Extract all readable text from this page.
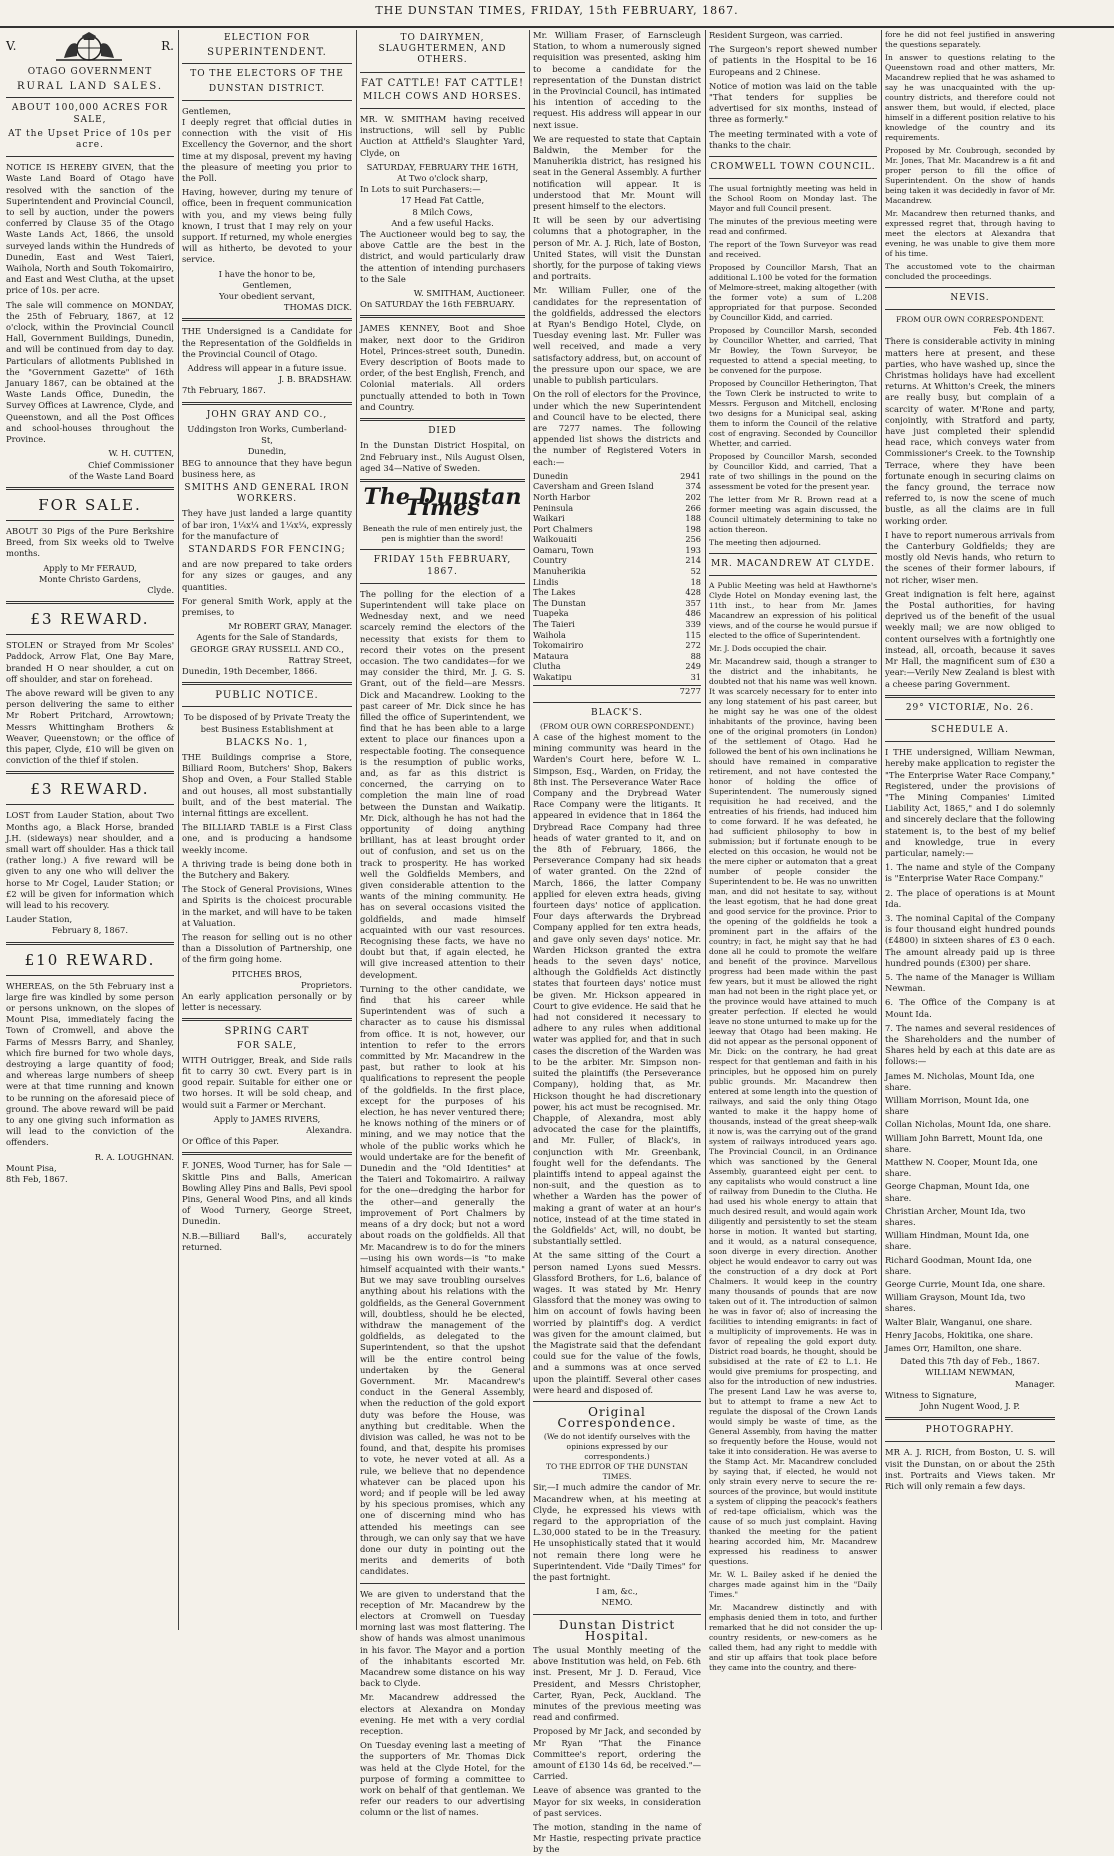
THE DUNSTAN TIMES, FRIDAY, 15th FEBRUARY, 1867.
V.	R.
OTAGO GOVERNMENT
RURAL LAND SALES.
ABOUT 100,000 ACRES FOR SALE,
AT the Upset Price of 10s per acre.

NOTICE IS HEREBY GIVEN, that the Waste Land Board of Otago have resolved with the sanction of the Superintendent and Provincial Council, to sell by auction, under the powers conferred by Clause 35 of the Otago Waste Lands Act, 1866, the unsold surveyed lands within the Hundreds of Dunedin, East and West Taieri, Waihola, North and South Tokomairiro, and East and West Clutha, at the upset price of 10s. per acre.

The sale will commence on MONDAY, the 25th of February, 1867, at 12 o'clock, within the Provincial Council Hall, Government Buildings, Dunedin, and will be continued from day to day. Particulars of allotments Published in the "Government Gazette" of 16th January 1867, can be obtained at the Waste Lands Office, Dunedin, the Survey Offices at Lawrence, Clyde, and Queenstown, and all the Post Offices and school-houses throughout the Province.

W. H. CUTTEN,
Chief Commissioner
of the Waste Land Board
FOR SALE.

ABOUT 30 Pigs of the Pure Berkshire Breed, from Six weeks old to Twelve months.

Apply to Mr FERAUD,
Monte Christo Gardens,
Clyde.
£3 REWARD.

STOLEN or Strayed from Mr Scoles' Paddock, Arrow Flat, One Bay Mare, branded H O near shoulder, a cut on off shoulder, and star on forehead.

The above reward will be given to any person delivering the same to either Mr Robert Pritchard, Arrowtown; Messrs Whittingham Brothers & Weaver, Queenstown; or the office of this paper, Clyde, £10 will be given on conviction of the thief if stolen.

£3 REWARD.

LOST from Lauder Station, about Two Months ago, a Black Horse, branded J.H. (sideways) near shoulder, and a small wart off shoulder. Has a thick tail (rather long.) A five reward will be given to any one who will deliver the horse to Mr Cogel, Lauder Station; or £2 will be given for information which will lead to his recovery.

Lauder Station,
February 8, 1867.
£10 REWARD.

WHEREAS, on the 5th February inst a large fire was kindled by some person or persons unknown, on the slopes of Mount Pisa, immediately facing the Town of Cromwell, and above the Farms of Messrs Barry, and Shanley, which fire burned for two whole days, destroying a large quantity of food; and whereas large numbers of sheep were at that time running and known to be running on the aforesaid piece of ground. The above reward will be paid to any one giving such information as will lead to the conviction of the offenders.

R. A. LOUGHNAN.
Mount Pisa,
8th Feb, 1867.
ELECTION FOR
SUPERINTENDENT.
TO THE ELECTORS OF THE
DUNSTAN DISTRICT.
Gentlemen,

I deeply regret that official duties in connection with the visit of His Excellency the Governor, and the short time at my disposal, prevent my having the pleasure of meeting you prior to the Poll.

Having, however, during my tenure of office, been in frequent communication with you, and my views being fully known, I trust that I may rely on your support. If returned, my whole energies will as hitherto, be devoted to your service.

I have the honor to be,
Gentlemen,
Your obedient servant,
THOMAS DICK.

THE Undersigned is a Candidate for the Representation of the Goldfields in the Provincial Council of Otago.

Address will appear in a future issue.
J. B. BRADSHAW.
7th February, 1867.
JOHN GRAY AND CO.,
Uddingston Iron Works, Cumberland-St,
Dunedin,

BEG to announce that they have begun business here, as

SMITHS AND GENERAL IRON WORKERS.

They have just landed a large quantity of bar iron, 1¼x¼ and 1¼x¼, expressly for the manufacture of

STANDARDS FOR FENCING;

and are now prepared to take orders for any sizes or gauges, and any quantities.

For general Smith Work, apply at the premises, to

Mr ROBERT GRAY, Manager.
Agents for the Sale of Standards,
GEORGE GRAY RUSSELL AND CO.,
Rattray Street,
Dunedin, 19th December, 1866.
PUBLIC NOTICE.
To be disposed of by Private Treaty the best Business Establishment at
BLACKS No. 1,

THE Buildings comprise a Store, Billiard Room, Butchers' Shop, Bakers Shop and Oven, a Four Stalled Stable and out houses, all most substantially built, and of the best material. The internal fittings are excellent.

The BILLIARD TABLE is a First Class one, and is producing a handsome weekly income.

A thriving trade is being done both in the Butchery and Bakery.

The Stock of General Provisions, Wines and Spirits is the choicest procurable in the market, and will have to be taken at Valuation.

The reason for selling out is no other than a Dissolution of Partnership, one of the firm going home.

PITCHES BROS,
Proprietors.

An early application personally or by letter is necessary.

SPRING CART
FOR SALE,

WITH Outrigger, Break, and Side rails fit to carry 30 cwt. Every part is in good repair. Suitable for either one or two horses. It will be sold cheap, and would suit a Farmer or Merchant.

Apply to JAMES RIVERS,
Alexandra.
Or Office of this Paper.

F. JONES, Wood Turner, has for Sale —Skittle Pins and Balls, American Bowling Alley Pins and Balls, Pevi spool Pins, General Wood Pins, and all kinds of Wood Turnery, George Street, Dunedin.

N.B.—Billiard Ball's, accurately returned.

TO DAIRYMEN, SLAUGHTERMEN, AND OTHERS.
FAT CATTLE! FAT CATTLE!
MILCH COWS AND HORSES.

MR. W. SMITHAM having received instructions, will sell by Public Auction at Attfield's Slaughter Yard, Clyde, on

SATURDAY, FEBRUARY THE 16TH,
At Two o'clock sharp,
In Lots to suit Purchasers:—
17 Head Fat Cattle,
8 Milch Cows,
And a few useful Hacks.

The Auctioneer would beg to say, the above Cattle are the best in the district, and would particularly draw the attention of intending purchasers to the Sale

W. SMITHAM, Auctioneer.
On SATURDAY the 16th FEBRUARY.

JAMES KENNEY, Boot and Shoe maker, next door to the Gridiron Hotel, Princes-street south, Dunedin. Every description of Boots made to order, of the best English, French, and Colonial materials. All orders punctually attended to both in Town and Country.

DIED

In the Dunstan District Hospital, on 2nd February inst., Nils August Olsen, aged 34—Native of Sweden.

The Dunstan Times
Beneath the rule of men entirely just, the pen is mightier than the sword!
FRIDAY 15th FEBRUARY, 1867.

The polling for the election of a Superintendent will take place on Wednesday next, and we need scarcely remind the electors of the necessity that exists for them to record their votes on the present occasion. The two candidates—for we may consider the third, Mr. J. G. S. Grant, out of the field—are Messrs. Dick and Macandrew. Looking to the past career of Mr. Dick since he has filled the office of Superintendent, we find that he has been able to a large extent to place our finances upon a respectable footing. The consequence is the resumption of public works, and, as far as this district is concerned, the carrying on to completion the main line of road between the Dunstan and Waikatip. Mr. Dick, although he has not had the opportunity of doing anything brilliant, has at least brought order out of confusion, and set us on the track to prosperity. He has worked well the Goldfields Members, and given considerable attention to the wants of the mining community. He has on several occasions visited the goldfields, and made himself acquainted with our vast resources. Recognising these facts, we have no doubt but that, if again elected, he will give increased attention to their development.

Turning to the other candidate, we find that his career while Superintendent was of such a character as to cause his dismissal from office. It is not, however, our intention to refer to the errors committed by Mr. Macandrew in the past, but rather to look at his qualifications to represent the people of the goldfields. In the first place, except for the purposes of his election, he has never ventured there; he knows nothing of the miners or of mining, and we may notice that the whole of the public works which he would undertake are for the benefit of Dunedin and the "Old Identities" at the Taieri and Tokomairiro. A railway for the one—dredging the harbor for the other—and generally the improvement of Port Chalmers by means of a dry dock; but not a word about roads on the goldfields. All that Mr. Macandrew is to do for the miners—using his own words—is "to make himself acquainted with their wants." But we may save troubling ourselves anything about his relations with the goldfields, as the General Government will, doubtless, should he be elected, withdraw the management of the goldfields, as delegated to the Superintendent, so that the upshot will be the entire control being undertaken by the General Government. Mr. Macandrew's conduct in the General Assembly, when the reduction of the gold export duty was before the House, was anything but creditable. When the division was called, he was not to be found, and that, despite his promises to vote, he never voted at all. As a rule, we believe that no dependence whatever can be placed upon his word; and if people will be led away by his specious promises, which any one of discerning mind who has attended his meetings can see through, we can only say that we have done our duty in pointing out the merits and demerits of both candidates.

We are given to understand that the reception of Mr. Macandrew by the electors at Cromwell on Tuesday morning last was most flattering. The show of hands was almost unanimous in his favor. The Mayor and a portion of the inhabitants escorted Mr. Macandrew some distance on his way back to Clyde.

Mr. Macandrew addressed the electors at Alexandra on Monday evening. He met with a very cordial reception.

On Tuesday evening last a meeting of the supporters of Mr. Thomas Dick was held at the Clyde Hotel, for the purpose of forming a committee to work on behalf of that gentleman. We refer our readers to our advertising column or the list of names.

Mr. William Fraser, of Earnscleugh Station, to whom a numerously signed requisition was presented, asking him to become a candidate for the representation of the Dunstan district in the Provincial Council, has intimated his intention of acceding to the request. His address will appear in our next issue.

We are requested to state that Captain Baldwin, the Member for the Manuherikia district, has resigned his seat in the General Assembly. A further notification will appear. It is understood that Mr. Mount will present himself to the electors.

It will be seen by our advertising columns that a photographer, in the person of Mr. A. J. Rich, late of Boston, United States, will visit the Dunstan shortly, for the purpose of taking views and portraits.

Mr. William Fuller, one of the candidates for the representation of the goldfields, addressed the electors at Ryan's Bendigo Hotel, Clyde, on Tuesday evening last. Mr. Fuller was well received, and made a very satisfactory address, but, on account of the pressure upon our space, we are unable to publish particulars.

On the roll of electors for the Province, under which the new Superintendent and Council have to be elected, there are 7277 names. The following appended list shows the districts and the number of Registered Voters in each:—

Dunedin	2941
Caversham and Green Island	374
North Harbor	202
Peninsula	266
Waikari	188
Port Chalmers	198
Waikouaiti	256
Oamaru, Town	193
Country	214
Manuherikia	52
Lindis	18
The Lakes	428
The Dunstan	357
Tuapeka	486
The Taieri	339
Waihola	115
Tokomairiro	272
Mataura	88
Clutha	249
Wakatipu	31
7277
BLACK'S.
(FROM OUR OWN CORRESPONDENT.)

A case of the highest moment to the mining community was heard in the Warden's Court here, before W. L. Simpson, Esq., Warden, on Friday, the 8th inst. The Perseverance Water Race Company and the Drybread Water Race Company were the litigants. It appeared in evidence that in 1864 the Drybread Race Company had three heads of water granted to it, and on the 8th of February, 1866, the Perseverance Company had six heads of water granted. On the 22nd of March, 1866, the latter Company applied for eleven extra heads, giving fourteen days' notice of application. Four days afterwards the Drybread Company applied for ten extra heads, and gave only seven days' notice. Mr. Warden Hickson granted the extra heads to the seven days' notice, although the Goldfields Act distinctly states that fourteen days' notice must be given. Mr. Hickson appeared in Court to give evidence. He said that he had not considered it necessary to adhere to any rules when additional water was applied for, and that in such cases the discretion of the Warden was to be the arbiter. Mr. Simpson non-suited the plaintiffs (the Perseverance Company), holding that, as Mr. Hickson thought he had discretionary power, his act must be recognised. Mr. Chapple, of Alexandra, most ably advocated the case for the plaintiffs, and Mr. Fuller, of Black's, in conjunction with Mr. Greenbank, fought well for the defendants. The plaintiffs intend to appeal against the non-suit, and the question as to whether a Warden has the power of making a grant of water at an hour's notice, instead of at the time stated in the Goldfields' Act, will, no doubt, be substantially settled.

At the same sitting of the Court a person named Lyons sued Messrs. Glassford Brothers, for L.6, balance of wages. It was stated by Mr. Henry Glassford that the money was owing to him on account of fowls having been worried by plaintiff's dog. A verdict was given for the amount claimed, but the Magistrate said that the defendant could sue for the value of the fowls, and a summons was at once served upon the plaintiff. Several other cases were heard and disposed of.

Original Correspondence.
(We do not identify ourselves with the opinions expressed by our correspondents.)
TO THE EDITOR OF THE DUNSTAN TIMES.

Sir,—I much admire the candor of Mr. Macandrew when, at his meeting at Clyde, he expressed his views with regard to the appropriation of the L.30,000 stated to be in the Treasury. He unsophistically stated that it would not remain there long were he Superintendent. Vide "Daily Times" for the past fortnight.

I am, &c.,
NEMO.
Dunstan District Hospital.

The usual Monthly meeting of the above Institution was held, on Feb. 6th inst. Present, Mr J. D. Feraud, Vice President, and Messrs Christopher, Carter, Ryan, Peck, Auckland. The minutes of the previous meeting was read and confirmed.

Proposed by Mr Jack, and seconded by Mr Ryan "That the Finance Committee's report, ordering the amount of £130 14s 6d, be received."—Carried.

Leave of absence was granted to the Mayor for six weeks, in consideration of past services.

The motion, standing in the name of Mr Hastie, respecting private practice by the

Resident Surgeon, was carried.

The Surgeon's report shewed number of patients in the Hospital to be 16 Europeans and 2 Chinese.

Notice of motion was laid on the table "That tenders for supplies be advertised for six months, instead of three as formerly."

The meeting terminated with a vote of thanks to the chair.

CROMWELL TOWN COUNCIL.

The usual fortnightly meeting was held in the School Room on Monday last. The Mayor and full Council present.

The minutes of the previous meeting were read and confirmed.

The report of the Town Surveyor was read and received.

Proposed by Councillor Marsh, That an additional L.100 be voted for the formation of Melmore-street, making altogether (with the former vote) a sum of L.208 appropriated for that purpose. Seconded by Councillor Kidd, and carried.

Proposed by Councillor Marsh, seconded by Councillor Whetter, and carried, That Mr Bowley, the Town Surveyor, be requested to attend a special meeting, to be convened for the purpose.

Proposed by Councillor Hetherington, That the Town Clerk be instructed to write to Messrs. Ferguson and Mitchell, enclosing two designs for a Municipal seal, asking them to inform the Council of the relative cost of engraving. Seconded by Councillor Whetter, and carried.

Proposed by Councillor Marsh, seconded by Councillor Kidd, and carried, That a rate of two shillings in the pound on the assessment be voted for the present year.

The letter from Mr R. Brown read at a former meeting was again discussed, the Council ultimately determining to take no action thereon.

The meeting then adjourned.

MR. MACANDREW AT CLYDE.

A Public Meeting was held at Hawthorne's Clyde Hotel on Monday evening last, the 11th inst., to hear from Mr. James Macandrew an expression of his political views, and of the course he would pursue if elected to the office of Superintendent.

Mr. J. Dods occupied the chair.

Mr. Macandrew said, though a stranger to the district and the inhabitants, he doubted not that his name was well known. It was scarcely necessary for to enter into any long statement of his past career, but he might say he was one of the oldest inhabitants of the province, having been one of the original promoters (in London) of the settlement of Otago. Had he followed the bent of his own inclinations he should have remained in comparative retirement, and not have contested the honor of holding the office of Superintendent. The numerously signed requisition he had received, and the entreaties of his friends, had induced him to come forward. If he was defeated, he had sufficient philosophy to bow in submission; but if fortunate enough to be elected on this occasion, he would not be the mere cipher or automaton that a great number of people consider the Superintendent to be. He was no unwritten man, and did not hesitate to say, without the least egotism, that he had done great and good service for the province. Prior to the opening of the goldfields he took a prominent part in the affairs of the country; in fact, he might say that he had done all he could to promote the welfare and benefit of the province. Marvellous progress had been made within the past few years, but it must be allowed the right man had not been in the right place yet, or the province would have attained to much greater perfection. If elected he would leave no stone unturned to make up for the leeway that Otago had been making. He did not appear as the personal opponent of Mr. Dick: on the contrary, he had great respect for that gentleman and faith in his principles, but he opposed him on purely public grounds. Mr. Macandrew then entered at some length into the question of railways, and said the only thing Otago wanted to make it the happy home of thousands, instead of the great sheep-walk it now is, was the carrying out of the grand system of railways introduced years ago. The Provincial Council, in an Ordinance which was sanctioned by the General Assembly, guaranteed eight per cent. to any capitalists who would construct a line of railway from Dunedin to the Clutha. He had used his whole energy to attain that much desired result, and would again work diligently and persistently to set the steam horse in motion. It wanted but starting, and it would, as a natural consequence, soon diverge in every direction. Another object he would endeavor to carry out was the construction of a dry dock at Port Chalmers. It would keep in the country many thousands of pounds that are now taken out of it. The introduction of salmon he was in favor of; also of increasing the facilities to intending emigrants: in fact of a multiplicity of improvements. He was in favor of repealing the gold export duty. District road boards, he thought, should be subsidised at the rate of £2 to L.1. He would give premiums for prospecting, and also for the introduction of new industries. The present Land Law he was averse to, but to attempt to frame a new Act to regulate the disposal of the Crown Lands would simply be waste of time, as the General Assembly, from having the matter so frequently before the House, would not take it into consideration. He was averse to the Stamp Act. Mr. Macandrew concluded by saying that, if elected, he would not only strain every nerve to secure the re-sources of the province, but would institute a system of clipping the peacock's feathers of red-tape officialism, which was the cause of so much just complaint. Having thanked the meeting for the patient hearing accorded him, Mr. Macandrew expressed his readiness to answer questions.

Mr. W. L. Bailey asked if he denied the charges made against him in the "Daily Times."

Mr. Macandrew distinctly and with emphasis denied them in toto, and further remarked that he did not consider the up-country residents, or new-comers as he called them, had any right to meddle with and stir up affairs that took place before they came into the country, and there-

fore he did not feel justified in answering the questions separately.

In answer to questions relating to the Queenstown road and other matters, Mr. Macandrew replied that he was ashamed to say he was unacquainted with the up-country districts, and therefore could not answer them, but would, if elected, place himself in a different position relative to his knowledge of the country and its requirements.

Proposed by Mr. Coubrough, seconded by Mr. Jones, That Mr. Macandrew is a fit and proper person to fill the office of Superintendent. On the show of hands being taken it was decidedly in favor of Mr. Macandrew.

Mr. Macandrew then returned thanks, and expressed regret that, through having to meet the electors at Alexandra that evening, he was unable to give them more of his time.

The accustomed vote to the chairman concluded the proceedings.

NEVIS.
FROM OUR OWN CORRESPONDENT.
Feb. 4th 1867.

There is considerable activity in mining matters here at present, and these parties, who have washed up, since the Christmas holidays have had excellent returns. At Whitton's Creek, the miners are really busy, but complain of a scarcity of water. M'Rone and party, conjointly, with Stratford and party, have just completed their splendid head race, which conveys water from Commissioner's Creek. to the Township Terrace, where they have been fortunate enough in securing claims on the fancy ground, the terrace now referred to, is now the scene of much bustle, as all the claims are in full working order.

I have to report numerous arrivals from the Canterbury Goldfields; they are mostly old Nevis hands, who return to the scenes of their former labours, if not richer, wiser men.

Great indignation is felt here, against the Postal authorities, for having deprived us of the benefit of the usual weekly mail; we are now obliged to content ourselves with a fortnightly one instead, all, orcoath, because it saves Mr Hall, the magnificent sum of £30 a year:—Verily New Zealand is blest with a cheese paring Government.

29° VICTORIÆ, No. 26.
SCHEDULE A.

I THE undersigned, William Newman, hereby make application to register the "The Enterprise Water Race Company," Registered, under the provisions of "The Mining Companies' Limited Liability Act, 1865," and I do solemnly and sincerely declare that the following statement is, to the best of my belief and knowledge, true in every particular, namely:—

1. The name and style of the Company is "Enterprise Water Race Company."

2. The place of operations is at Mount Ida.

3. The nominal Capital of the Company is four thousand eight hundred pounds (£4800) in sixteen shares of £3 0 each. The amount already paid up is three hundred pounds (£300) per share.

5. The name of the Manager is William Newman.

6. The Office of the Company is at Mount Ida.

7. The names and several residences of the Shareholders and the number of Shares held by each at this date are as follows:—

James M. Nicholas, Mount Ida, one share.
William Morrison, Mount Ida, one share
Collan Nicholas, Mount Ida, one share.
William John Barrett, Mount Ida, one share.
Matthew N. Cooper, Mount Ida, one share.
George Chapman, Mount Ida, one share.
Christian Archer, Mount Ida, two shares.
William Hindman, Mount Ida, one share.
Richard Goodman, Mount Ida, one share.
George Currie, Mount Ida, one share.
William Grayson, Mount Ida, two shares.
Walter Blair, Wanganui, one share.
Henry Jacobs, Hokitika, one share.
James Orr, Hamilton, one share.
Dated this 7th day of Feb., 1867.
WILLIAM NEWMAN,
Manager.
Witness to Signature,
John Nugent Wood, J. P.
PHOTOGRAPHY.

MR A. J. RICH, from Boston, U. S. will visit the Dunstan, on or about the 25th inst. Portraits and Views taken. Mr Rich will only remain a few days.
